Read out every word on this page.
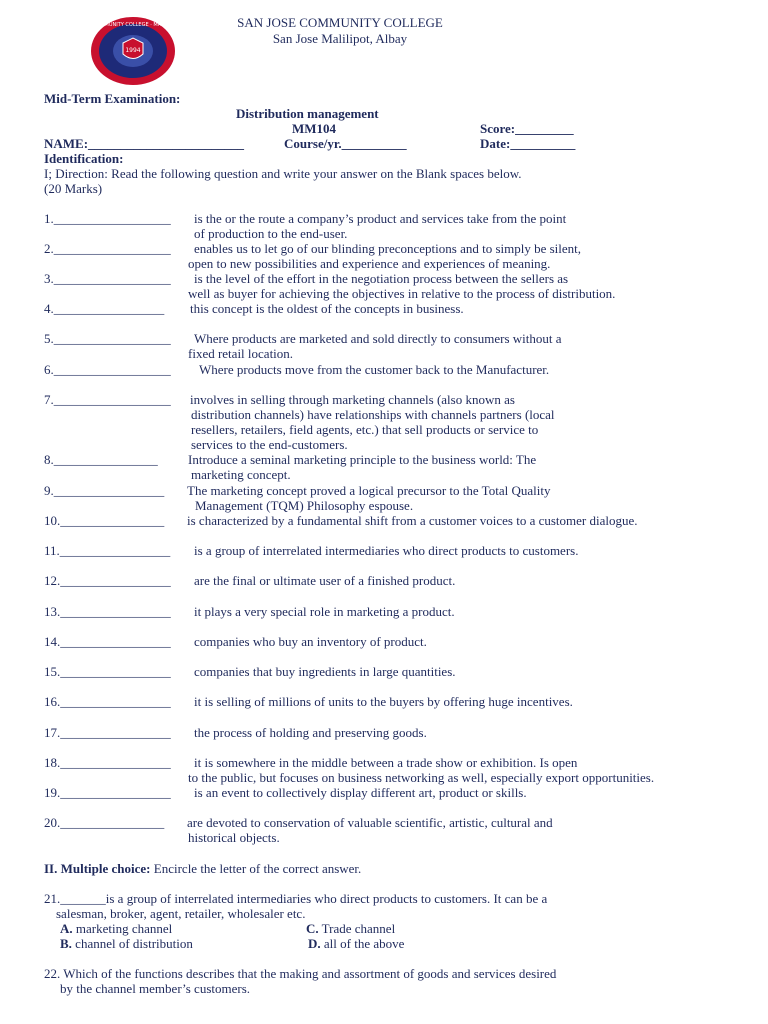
1994
SAN JOSE COMMUNITY COLLEGE · MALILIPOT, ALBAY	SAN JOSE COMMUNITY COLLEGE
San Jose Malilipot, Albay
Mid-Term Examination:
Distribution management
MM104	Score:_________
NAME:________________________	Course/yr.__________	Date:__________
Identification:
I; Direction: Read the following question and write your answer on the Blank spaces below.
(20 Marks)
1.__________________ is the or the route a company’s product and services take from the point
of production to the end-user.
2.__________________ enables us to let go of our blinding preconceptions and to simply be silent,
open to new possibilities and experience and experiences of meaning.
3.__________________ is the level of the effort in the negotiation process between the sellers as
well as buyer for achieving the objectives in relative to the process of distribution.
4._________________ this concept is the oldest of the concepts in business.
5.__________________ Where products are marketed and sold directly to consumers without a
fixed retail location.
6.__________________ Where products move from the customer back to the Manufacturer.
7.__________________ involves in selling through marketing channels (also known as
distribution channels) have relationships with channels partners (local
resellers, retailers, field agents, etc.) that sell products or service to
services to the end-customers.
8.________________ Introduce a seminal marketing principle to the business world: The
marketing concept.
9._________________ The marketing concept proved a logical precursor to the Total Quality
Management (TQM) Philosophy espouse.
10.________________ is characterized by a fundamental shift from a customer voices to a customer dialogue.
11._________________ is a group of interrelated intermediaries who direct products to customers.
12._________________ are the final or ultimate user of a finished product.
13._________________ it plays a very special role in marketing a product.
14._________________ companies who buy an inventory of product.
15._________________ companies that buy ingredients in large quantities.
16._________________ it is selling of millions of units to the buyers by offering huge incentives.
17._________________ the process of holding and preserving goods.
18._________________ it is somewhere in the middle between a trade show or exhibition. Is open
to the public, but focuses on business networking as well, especially export opportunities.
19._________________ is an event to collectively display different art, product or skills.
20.________________ are devoted to conservation of valuable scientific, artistic, cultural and
historical objects.
II. Multiple choice: Encircle the letter of the correct answer.
21._______is a group of interrelated intermediaries who direct products to customers. It can be a
salesman, broker, agent, retailer, wholesaler etc.
A. marketing channel	C. Trade channel
B. channel of distribution	D. all of the above
22. Which of the functions describes that the making and assortment of goods and services desired
by the channel member’s customers.
